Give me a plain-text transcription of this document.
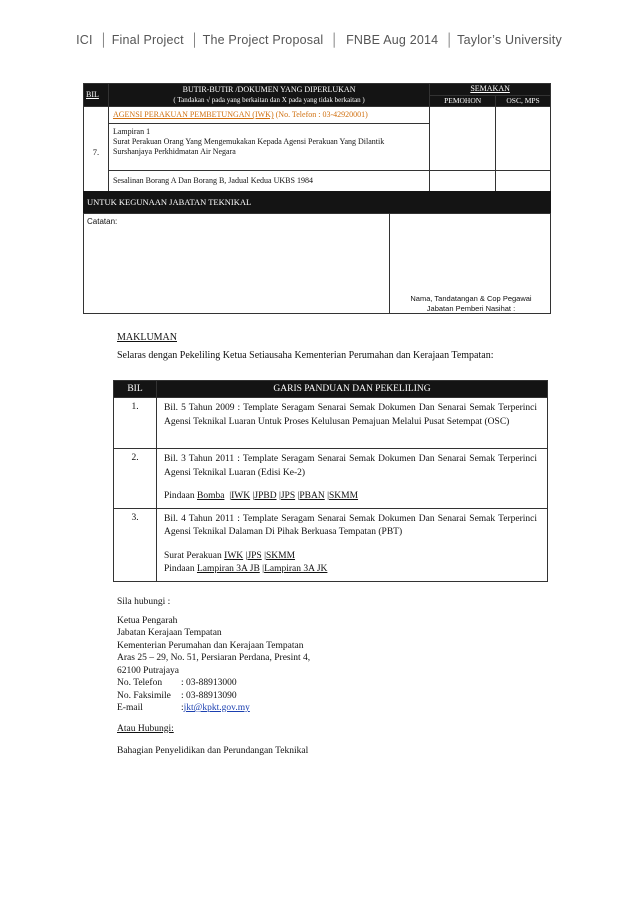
ICI  │ Final Project  │ The Project Proposal  │  FNBE Aug 2014  │ Taylor’s University
BIL	BUTIR-BUTIR /DOKUMEN YANG DIPERLUKAN
( Tandakan √ pada yang berkaitan dan X pada yang tidak berkaitan )	SEMAKAN	
		PEMOHON	OSC, MPS
7.	AGENSI PERAKUAN PEMBETUNGAN (IWK) (No. Telefon : 03-42920001)		

	Lampiran 1
Surat Perakuan Orang Yang Mengemukakan Kepada Agensi Perakuan Yang Dilantik Surshanjaya Perkhidmatan Air Negara		

	Sesalinan Borang A Dan Borang B, Jadual Kedua UKBS 1984		
UNTUK KEGUNAAN JABATAN TEKNIKAL
Catatan:
Nama, Tandatangan & Cop Pegawai
Jabatan Pemberi Nasihat :
MAKLUMAN
Selaras dengan Pekeliling Ketua Setiausaha Kementerian Perumahan dan Kerajaan Tempatan:
BIL	GARIS PANDUAN DAN PEKELILING
1.	Bil. 5 Tahun 2009 : Template Seragam Senarai Semak Dokumen Dan Senarai Semak Terperinci Agensi Teknikal Luaran Untuk Proses Kelulusan Pemajuan Melalui Pusat Setempat (OSC)
2.	Bil. 3 Tahun 2011 : Template Seragam Senarai Semak Dokumen Dan Senarai Semak Terperinci Agensi Teknikal Luaran (Edisi Ke-2)
Pindaan Bomba  |IWK |JPBD |JPS |PBAN |SKMM

3.	Bil. 4 Tahun 2011 : Template Seragam Senarai Semak Dokumen Dan Senarai Semak Terperinci Agensi Teknikal Dalaman Di Pihak Berkuasa Tempatan (PBT)
Surat Perakuan IWK |JPS |SKMM
Pindaan Lampiran 3A JB |Lampiran 3A JK
Sila hubungi :
Ketua Pengarah
Jabatan Kerajaan Tempatan
Kementerian Perumahan dan Kerajaan Tempatan
Aras 25 – 29, No. 51, Persiaran Perdana, Presint 4,
62100 Putrajaya
No. Telefon	: 03-88913000
No. Faksimile	: 03-88913090
E-mail	: jkt@kpkt.gov.my
Atau Hubungi:
Bahagian Penyelidikan dan Perundangan Teknikal
